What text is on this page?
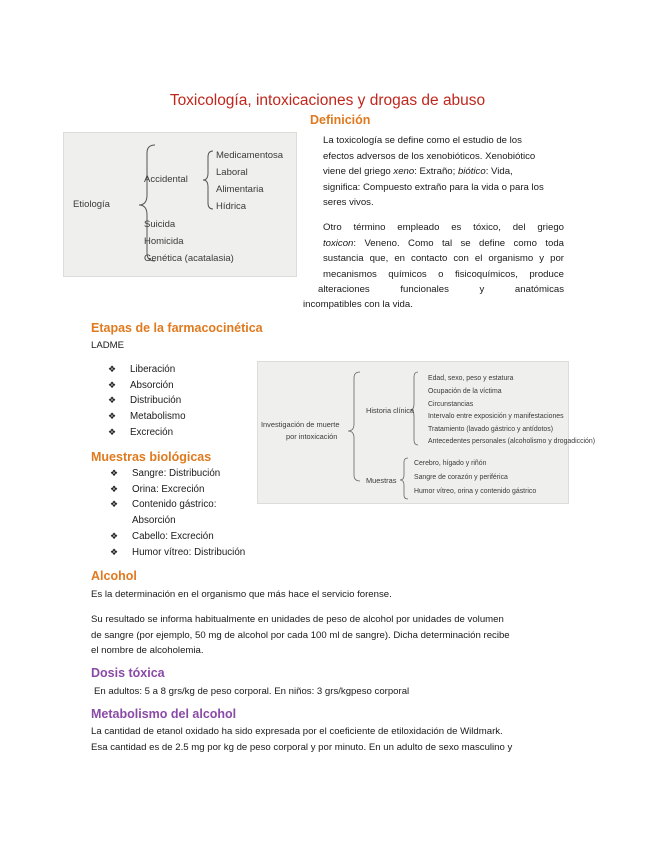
Toxicología, intoxicaciones y drogas de abuso
Etiología
Accidental
Medicamentosa
Laboral
Alimentaria
Hídrica
Suicida
Homicida
Genética (acatalasia)
Definición
La toxicología se define como el estudio de los
efectos adversos de los xenobióticos. Xenobiótico
viene del griego xeno: Extraño; biótico: Vida,
significa: Compuesto extraño para la vida o para los
seres vivos.
Otro término empleado es tóxico, del griego
toxicon: Veneno. Como tal se define como toda
sustancia que, en contacto con el organismo y por
mecanismos químicos o fisicoquímicos, produce
alteraciones funcionales y anatómicas
incompatibles con la vida.
Etapas de la farmacocinética
LADME
❖ Liberación
❖ Absorción
❖ Distribución
❖ Metabolismo
❖ Excreción
Investigación de muerte
por intoxicación
Historia clínica
Edad, sexo, peso y estatura
Ocupación de la víctima
Circunstancias
Intervalo entre exposición y manifestaciones
Tratamiento (lavado gástrico y antídotos)
Antecedentes personales (alcoholismo y drogadicción)
Muestras
Cerebro, hígado y riñón
Sangre de corazón y periférica
Humor vítreo, orina y contenido gástrico
Muestras biológicas
❖ Sangre: Distribución
❖ Orina: Excreción
❖ Contenido gástrico:
Absorción
❖ Cabello: Excreción
❖ Humor vítreo: Distribución
Alcohol
Es la determinación en el organismo que más hace el servicio forense.
Su resultado se informa habitualmente en unidades de peso de alcohol por unidades de volumen
de sangre (por ejemplo, 50 mg de alcohol por cada 100 ml de sangre). Dicha determinación recibe
el nombre de alcoholemia.
Dosis tóxica
En adultos: 5 a 8 grs/kg de peso corporal. En niños: 3 grs/kgpeso corporal
Metabolismo del alcohol
La cantidad de etanol oxidado ha sido expresada por el coeficiente de etiloxidación de Wildmark.
Esa cantidad es de 2.5 mg por kg de peso corporal y por minuto. En un adulto de sexo masculino y
